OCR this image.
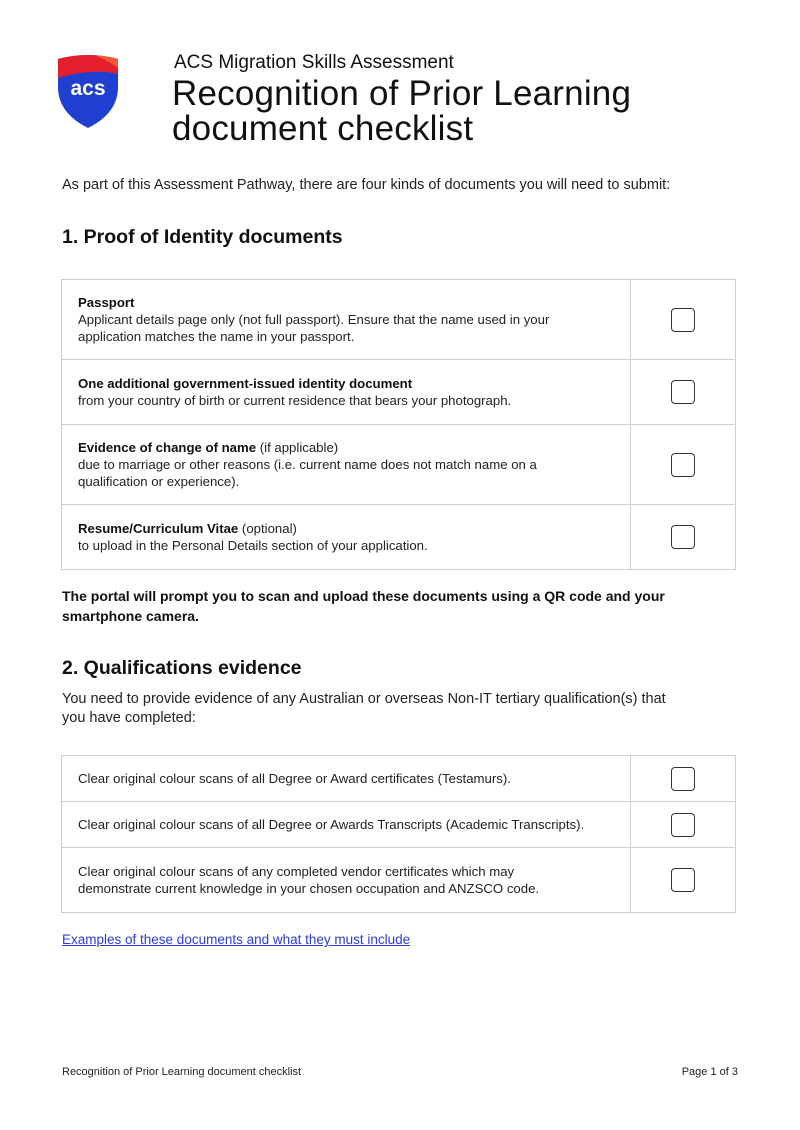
acs
ACS Migration Skills Assessment
Recognition of Prior Learning
document checklist
As part of this Assessment Pathway, there are four kinds of documents you will need to submit:
1. Proof of Identity documents
Passport
Applicant details page only (not full passport). Ensure that the name used in your
application matches the name in your passport.	

One additional government-issued identity document
from your country of birth or current residence that bears your photograph.	

Evidence of change of name (if applicable)
due to marriage or other reasons (i.e. current name does not match name on a
qualification or experience).	

Resume/Curriculum Vitae (optional)
to upload in the Personal Details section of your application.	

The portal will prompt you to scan and upload these documents using a QR code and your
smartphone camera.
2. Qualifications evidence
You need to provide evidence of any Australian or overseas Non-IT tertiary qualification(s) that
you have completed:
Clear original colour scans of all Degree or Award certificates (Testamurs).	

Clear original colour scans of all Degree or Awards Transcripts (Academic Transcripts).	

Clear original colour scans of any completed vendor certificates which may
demonstrate current knowledge in your chosen occupation and ANZSCO code.	

Examples of these documents and what they must include
Recognition of Prior Learning document checklist	Page 1 of 3
